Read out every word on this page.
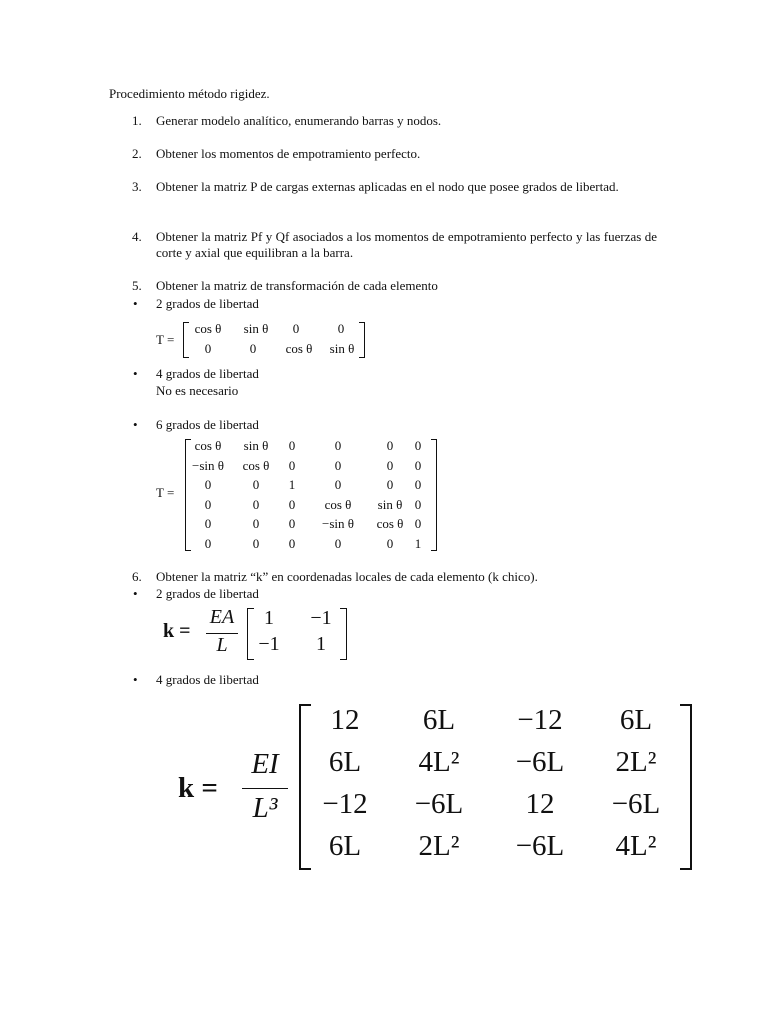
Procedimiento método rigidez.
1. Generar modelo analítico, enumerando barras y nodos.
2. Obtener los momentos de empotramiento perfecto.
3. Obtener la matriz P de cargas externas aplicadas en el nodo que posee grados de libertad.
4. Obtener la matriz Pf y Qf asociados a los momentos de empotramiento perfecto y las fuerzas de corte y axial que equilibran a la barra.
5. Obtener la matriz de transformación de cada elemento
• 2 grados de libertad
T =
cos θ	sin θ	0	0
0	0	cos θ	sin θ
• 4 grados de libertad
No es necesario
• 6 grados de libertad
T =
cos θ	sin θ	0	0	0	0
−sin θ	cos θ	0	0	0	0
0	0	1	0	0	0
0	0	0	cos θ	sin θ 0
0	0	0	−sin θ	cos θ 0
0	0	0	0	0	1
6. Obtener la matriz “k” en coordenadas locales de cada elemento (k chico).
• 2 grados de libertad
k =
EA
L
1	−1
−1	1
• 4 grados de libertad
k =
EI
L³
12	6L	−12	6L
6L	4L²	−6L	2L²
−12	−6L	12	−6L
6L	2L²	−6L	4L²
